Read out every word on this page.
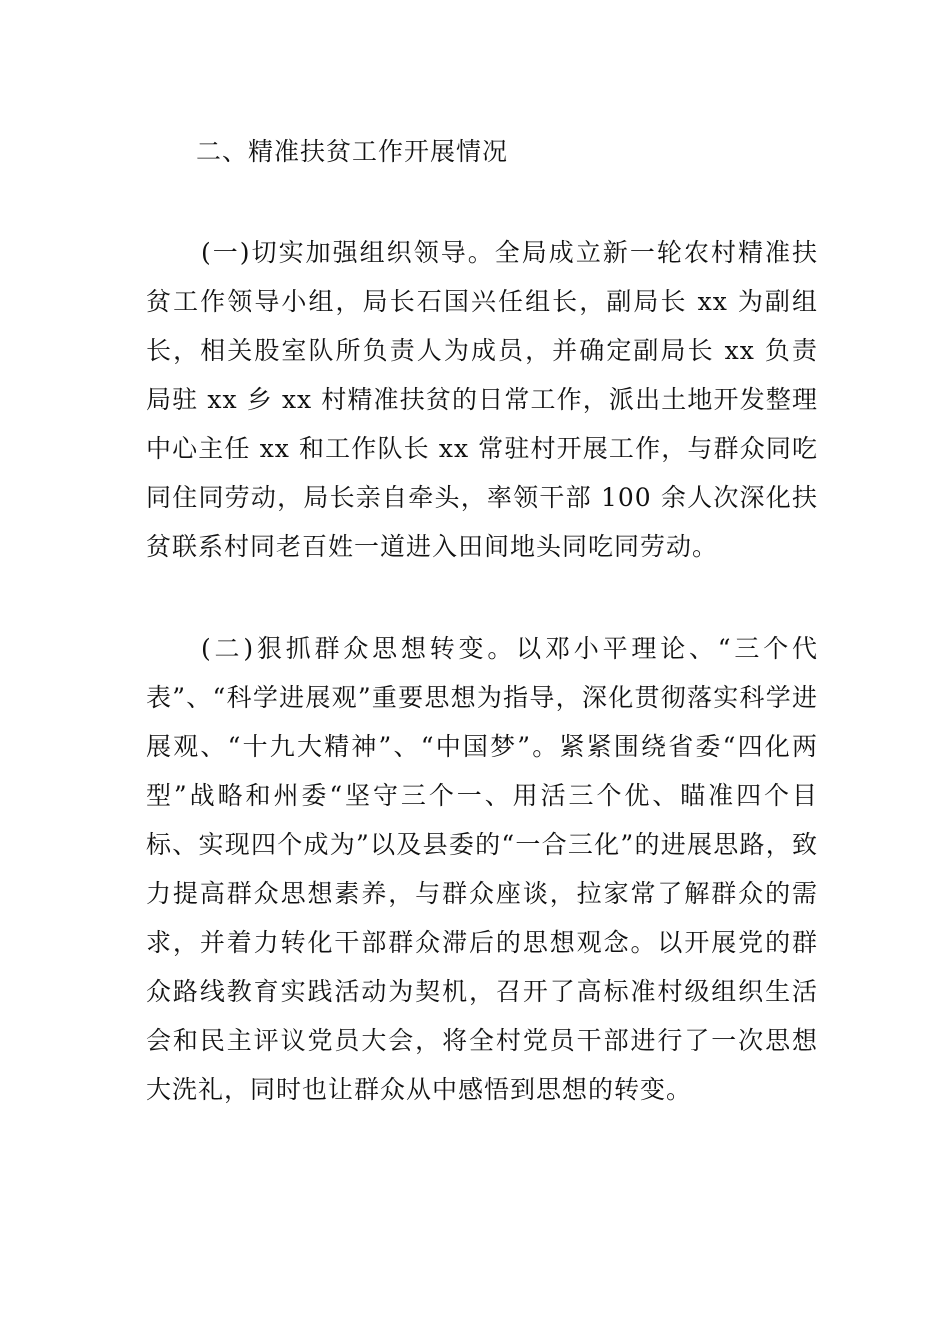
二、精准扶贫工作开展情况

(一)切实加强组织领导。全局成立新一轮农村精准扶贫工作领导小组，局长石国兴任组长，副局长 xx 为副组长，相关股室队所负责人为成员，并确定副局长 xx 负责局驻 xx 乡 xx 村精准扶贫的日常工作，派出土地开发整理中心主任 xx 和工作队长 xx 常驻村开展工作，与群众同吃同住同劳动，局长亲自牵头，率领干部 100 余人次深化扶贫联系村同老百姓一道进入田间地头同吃同劳动。

(二)狠抓群众思想转变。以邓小平理论、“三个代表”、“科学进展观”重要思想为指导，深化贯彻落实科学进展观、“十九大精神”、“中国梦”。紧紧围绕省委“四化两型”战略和州委“坚守三个一、用活三个优、瞄准四个目标、实现四个成为”以及县委的“一合三化”的进展思路，致力提高群众思想素养，与群众座谈，拉家常了解群众的需求，并着力转化干部群众滞后的思想观念。以开展党的群众路线教育实践活动为契机，召开了高标准村级组织生活会和民主评议党员大会，将全村党员干部进行了一次思想大洗礼，同时也让群众从中感悟到思想的转变。
